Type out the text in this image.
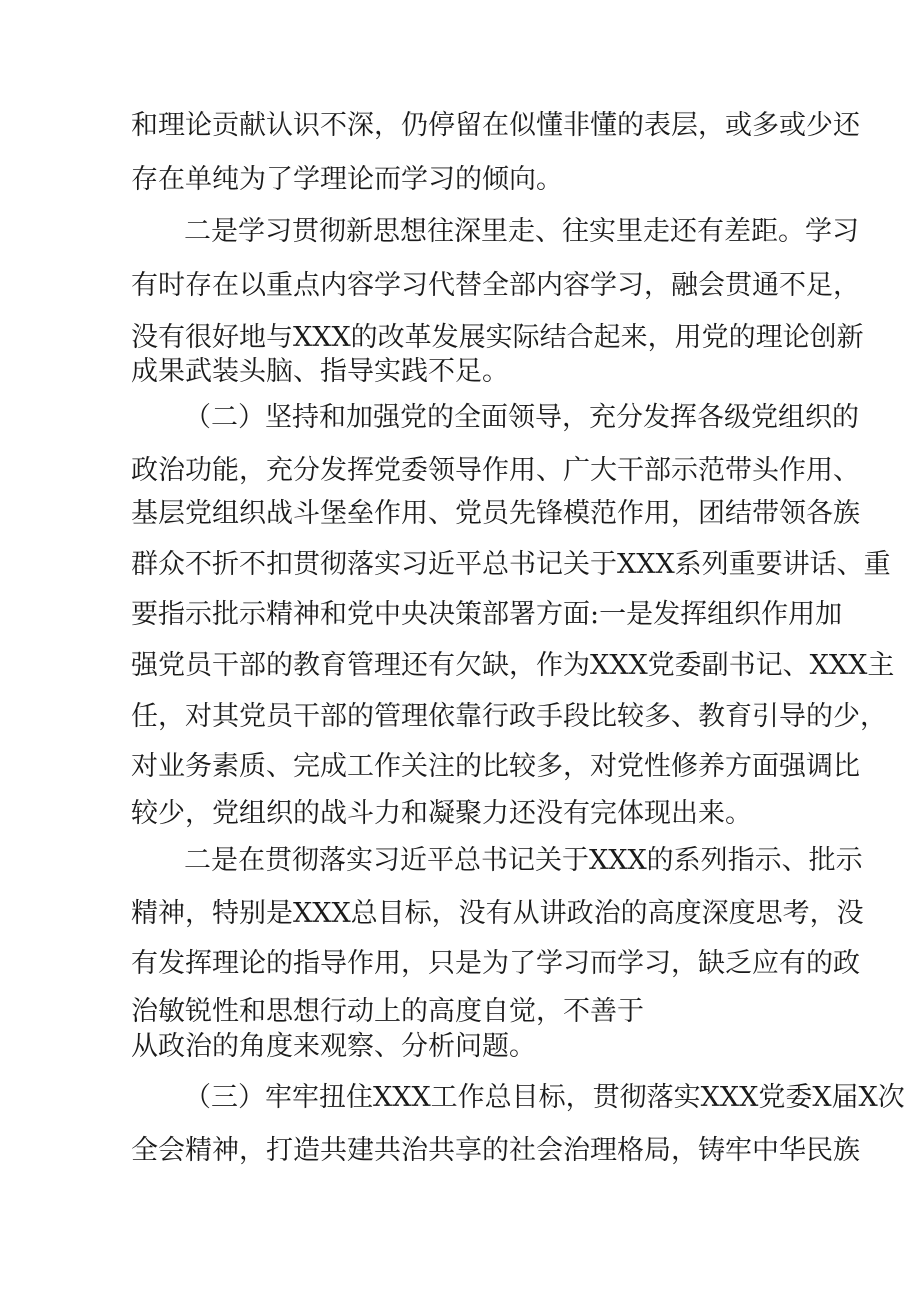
和理论贡献认识不深，仍停留在似懂非懂的表层，或多或少还
存在单纯为了学理论而学习的倾向。
二是学习贯彻新思想往深里走、往实里走还有差距。学习
有时存在以重点内容学习代替全部内容学习，融会贯通不足，
没有很好地与XXX的改革发展实际结合起来，用党的理论创新
成果武装头脑、指导实践不足。
（二）坚持和加强党的全面领导，充分发挥各级党组织的
政治功能，充分发挥党委领导作用、广大干部示范带头作用、
基层党组织战斗堡垒作用、党员先锋模范作用，团结带领各族
群众不折不扣贯彻落实习近平总书记关于XXX系列重要讲话、重
要指示批示精神和党中央决策部署方面:一是发挥组织作用加
强党员干部的教育管理还有欠缺，作为XXX党委副书记、XXX主
任，对其党员干部的管理依靠行政手段比较多、教育引导的少，
对业务素质、完成工作关注的比较多，对党性修养方面强调比
较少，党组织的战斗力和凝聚力还没有完体现出来。
二是在贯彻落实习近平总书记关于XXX的系列指示、批示
精神，特别是XXX总目标，没有从讲政治的高度深度思考，没
有发挥理论的指导作用，只是为了学习而学习，缺乏应有的政
治敏锐性和思想行动上的高度自觉，不善于
从政治的角度来观察、分析问题。
（三）牢牢扭住XXX工作总目标，贯彻落实XXX党委X届X次
全会精神，打造共建共治共享的社会治理格局，铸牢中华民族
